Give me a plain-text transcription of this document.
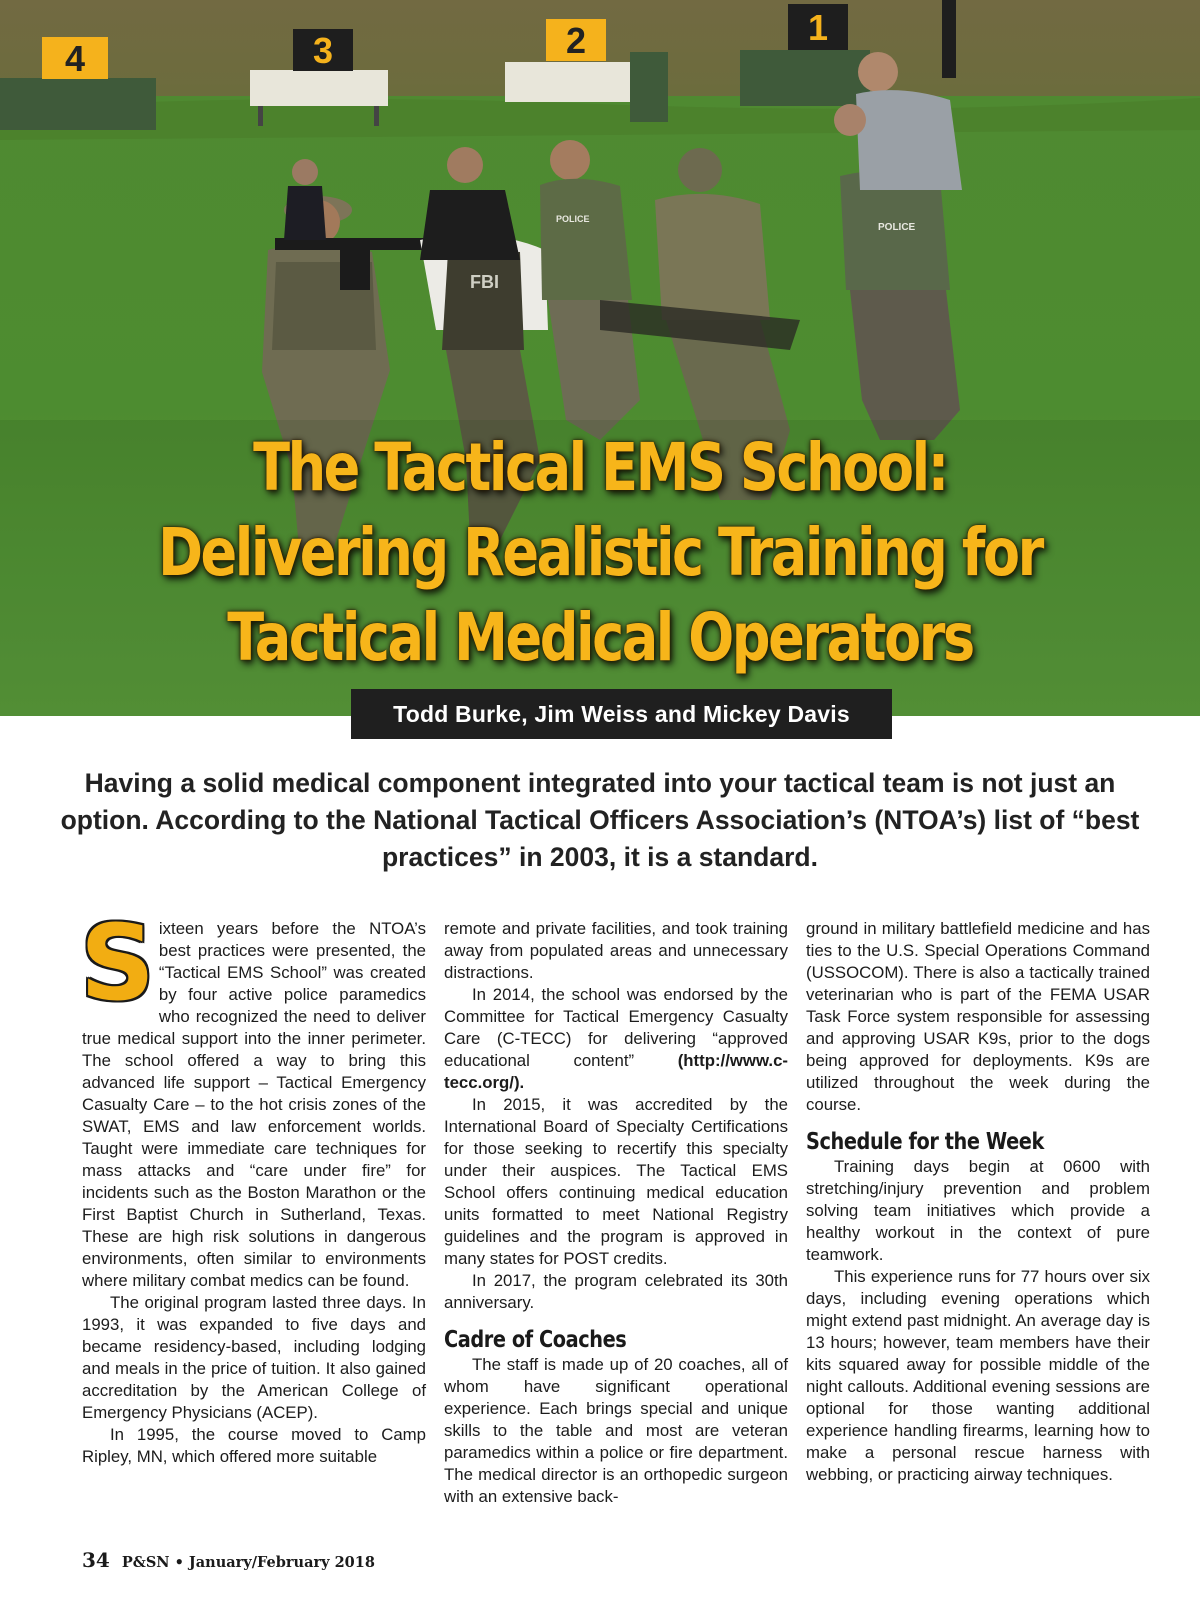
4	3	2	1
FBI
POLICE
POLICE
The Tactical EMS School:
Delivering Realistic Training for
Tactical Medical Operators
Todd Burke, Jim Weiss and Mickey Davis
Having a solid medical component integrated into your tactical team is not just an option. According to the National Tactical Officers Association’s (NTOA’s) list of “best practices” in 2003, it is a standard.

Sixteen years before the NTOA’s best practices were presented, the “Tactical EMS School” was created by four active police paramedics who recognized the need to deliver true medical support into the inner perimeter. The school offered a way to bring this advanced life support – Tactical Emergency Casualty Care – to the hot crisis zones of the SWAT, EMS and law enforcement worlds. Taught were immediate care techniques for mass attacks and “care under fire” for incidents such as the Boston Marathon or the First Baptist Church in Sutherland, Texas. These are high risk solutions in dangerous environments, often similar to environments where military combat medics can be found.

The original program lasted three days. In 1993, it was expanded to five days and became residency-based, including lodging and meals in the price of tuition. It also gained accreditation by the American College of Emergency Physicians (ACEP).

In 1995, the course moved to Camp Ripley, MN, which offered more suitable

remote and private facilities, and took training away from populated areas and unnecessary distractions.

In 2014, the school was endorsed by the Committee for Tactical Emergency Casualty Care (C-TECC) for delivering “approved educational content”	(http://www.c-tecc.org/).

In 2015, it was accredited by the International Board of Specialty Certifications for those seeking to recertify this specialty under their auspices. The Tactical EMS School offers continuing medical education units formatted to meet National Registry guidelines and the program is approved in many states for POST credits.

In 2017, the program celebrated its 30th anniversary.

Cadre of Coaches

The staff is made up of 20 coaches, all of whom have significant operational experience. Each brings special and unique skills to the table and most are veteran paramedics within a police or fire department. The medical director is an orthopedic surgeon with an extensive back-

ground in military battlefield medicine and has ties to the U.S. Special Operations Command (USSOCOM). There is also a tactically trained veterinarian who is part of the FEMA USAR Task Force system responsible for assessing and approving USAR K9s, prior to the dogs being approved for deployments. K9s are utilized throughout the week during the course.

Schedule for the Week

Training days begin at 0600 with stretching/injury prevention and problem solving team initiatives which provide a healthy workout in the context of pure teamwork.

This experience runs for 77 hours over six days, including evening operations which might extend past midnight. An average day is 13 hours; however, team members have their kits squared away for possible middle of the night callouts. Additional evening sessions are optional for those wanting additional experience handling firearms, learning how to make a personal rescue harness with webbing, or practicing airway techniques.

34 P&SN • January/February 2018
